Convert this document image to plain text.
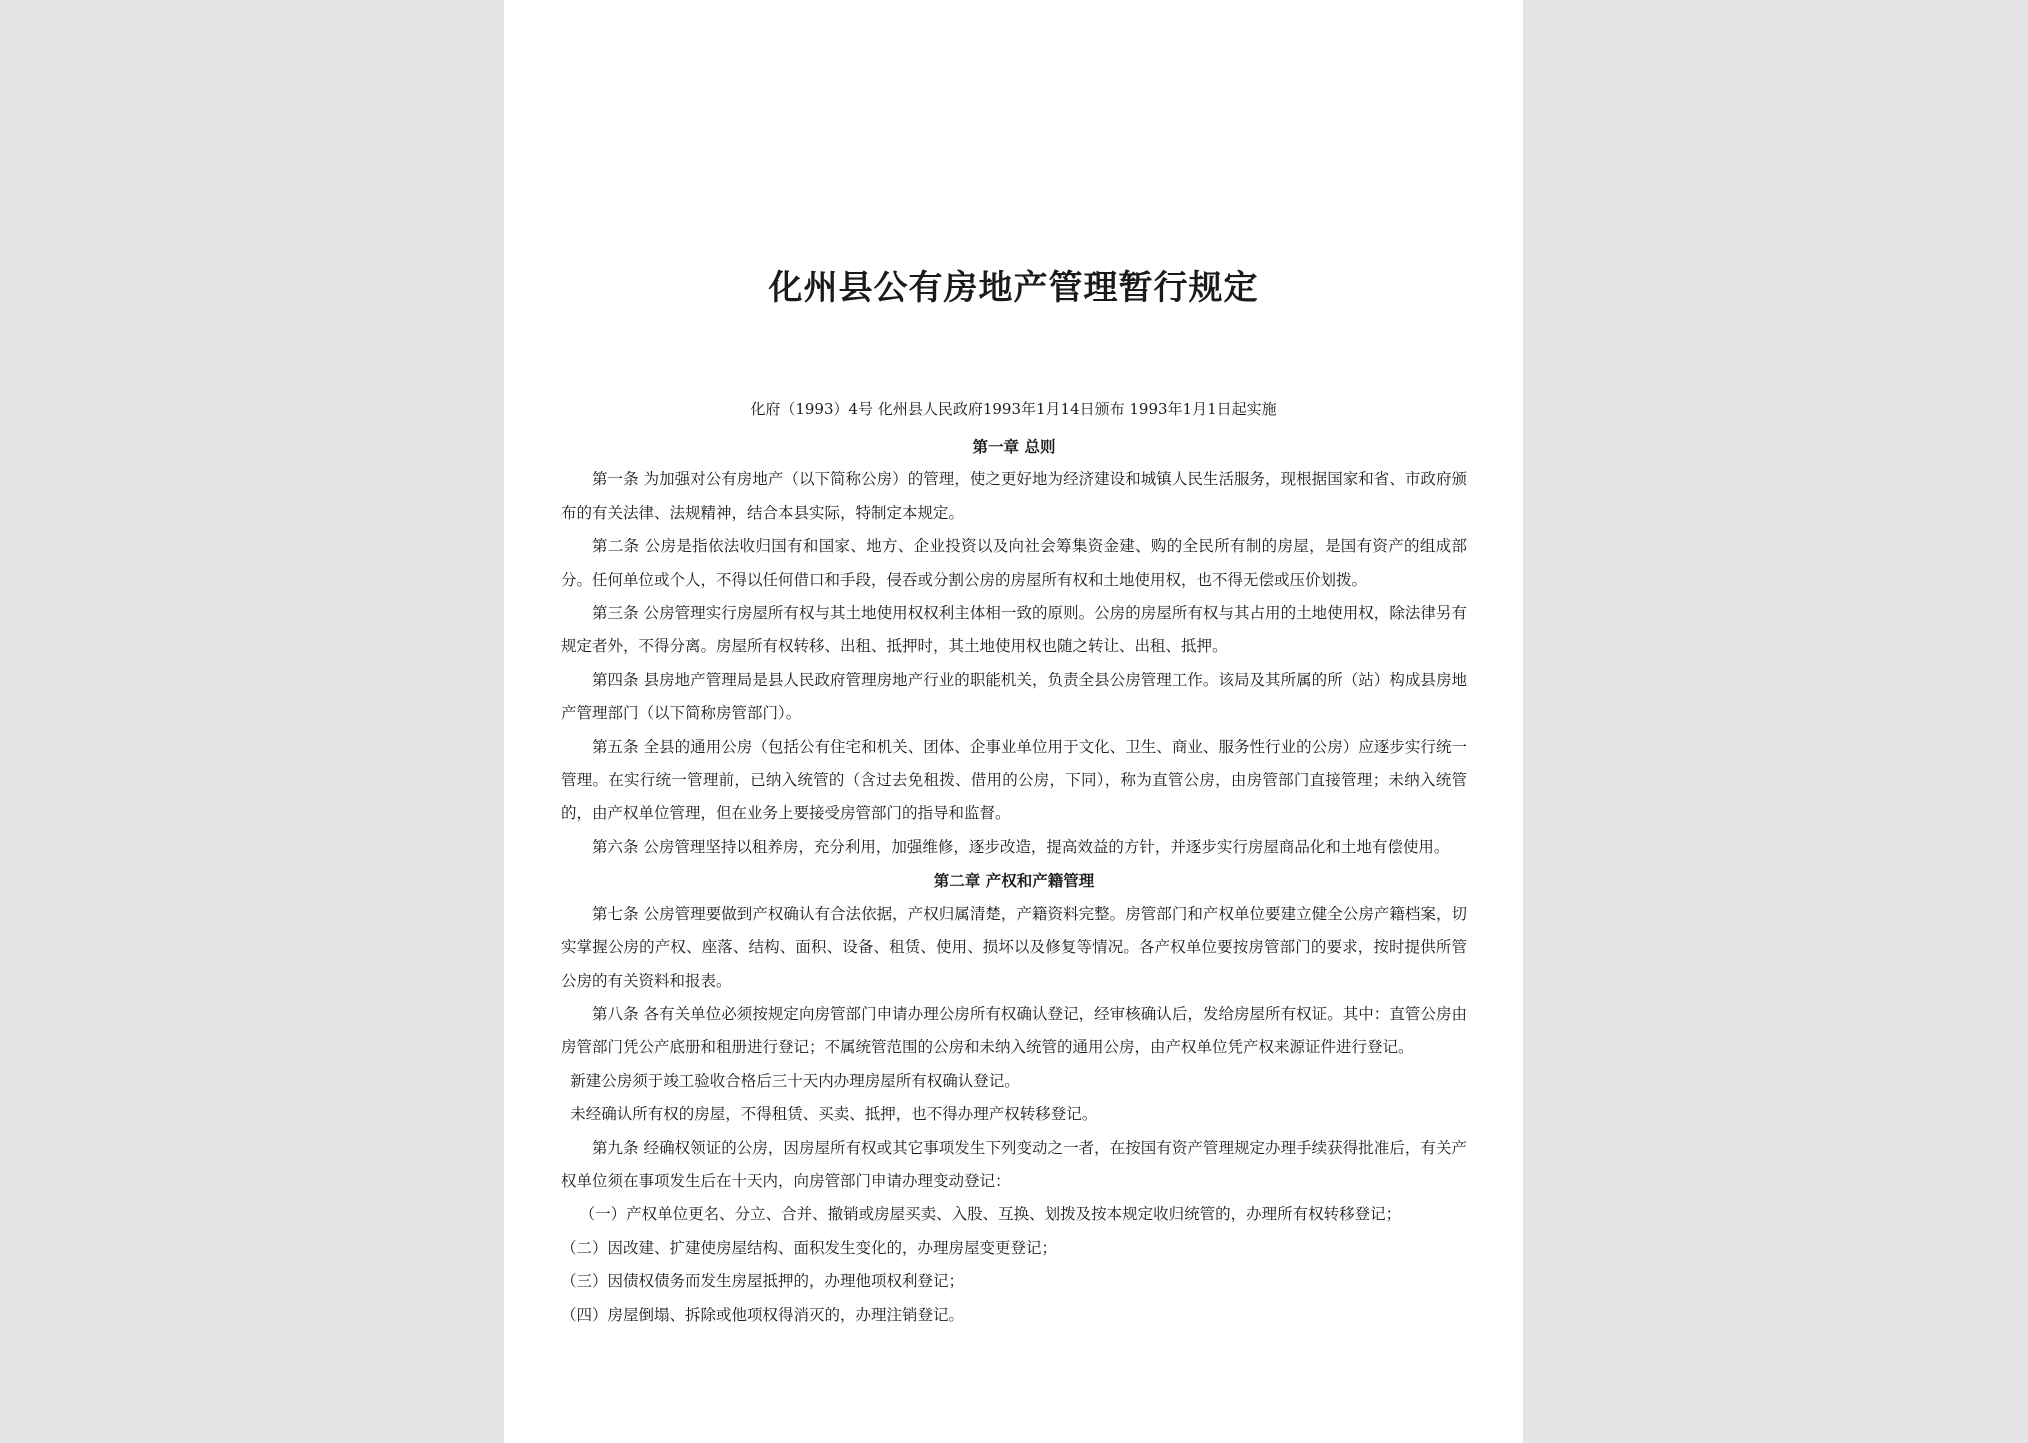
化州县公有房地产管理暂行规定
化府（1993）4号 化州县人民政府1993年1月14日颁布 1993年1月1日起实施

第一章 总则

第一条 为加强对公有房地产（以下简称公房）的管理，使之更好地为经济建设和城镇人民生活服务，现根据国家和省、市政府颁布的有关法律、法规精神，结合本县实际，特制定本规定。

第二条 公房是指依法收归国有和国家、地方、企业投资以及向社会筹集资金建、购的全民所有制的房屋，是国有资产的组成部分。任何单位或个人，不得以任何借口和手段，侵吞或分割公房的房屋所有权和土地使用权，也不得无偿或压价划拨。

第三条 公房管理实行房屋所有权与其土地使用权权利主体相一致的原则。公房的房屋所有权与其占用的土地使用权，除法律另有规定者外，不得分离。房屋所有权转移、出租、抵押时，其土地使用权也随之转让、出租、抵押。

第四条 县房地产管理局是县人民政府管理房地产行业的职能机关，负责全县公房管理工作。该局及其所属的所（站）构成县房地产管理部门（以下简称房管部门）。

第五条 全县的通用公房（包括公有住宅和机关、团体、企事业单位用于文化、卫生、商业、服务性行业的公房）应逐步实行统一管理。在实行统一管理前，已纳入统管的（含过去免租拨、借用的公房，下同），称为直管公房，由房管部门直接管理；未纳入统管的，由产权单位管理，但在业务上要接受房管部门的指导和监督。

第六条 公房管理坚持以租养房，充分利用，加强维修，逐步改造，提高效益的方针，并逐步实行房屋商品化和土地有偿使用。

第二章 产权和产籍管理

第七条 公房管理要做到产权确认有合法依据，产权归属清楚，产籍资料完整。房管部门和产权单位要建立健全公房产籍档案，切实掌握公房的产权、座落、结构、面积、设备、租赁、使用、损坏以及修复等情况。各产权单位要按房管部门的要求，按时提供所管公房的有关资料和报表。

第八条 各有关单位必须按规定向房管部门申请办理公房所有权确认登记，经审核确认后，发给房屋所有权证。其中：直管公房由房管部门凭公产底册和租册进行登记；不属统管范围的公房和未纳入统管的通用公房，由产权单位凭产权来源证件进行登记。

新建公房须于竣工验收合格后三十天内办理房屋所有权确认登记。

未经确认所有权的房屋，不得租赁、买卖、抵押，也不得办理产权转移登记。

第九条 经确权领证的公房，因房屋所有权或其它事项发生下列变动之一者，在按国有资产管理规定办理手续获得批准后，有关产权单位须在事项发生后在十天内，向房管部门申请办理变动登记：

（一）产权单位更名、分立、合并、撤销或房屋买卖、入股、互换、划拨及按本规定收归统管的，办理所有权转移登记；

（二）因改建、扩建使房屋结构、面积发生变化的，办理房屋变更登记；

（三）因债权债务而发生房屋抵押的，办理他项权利登记；

（四）房屋倒塌、拆除或他项权得消灭的，办理注销登记。
